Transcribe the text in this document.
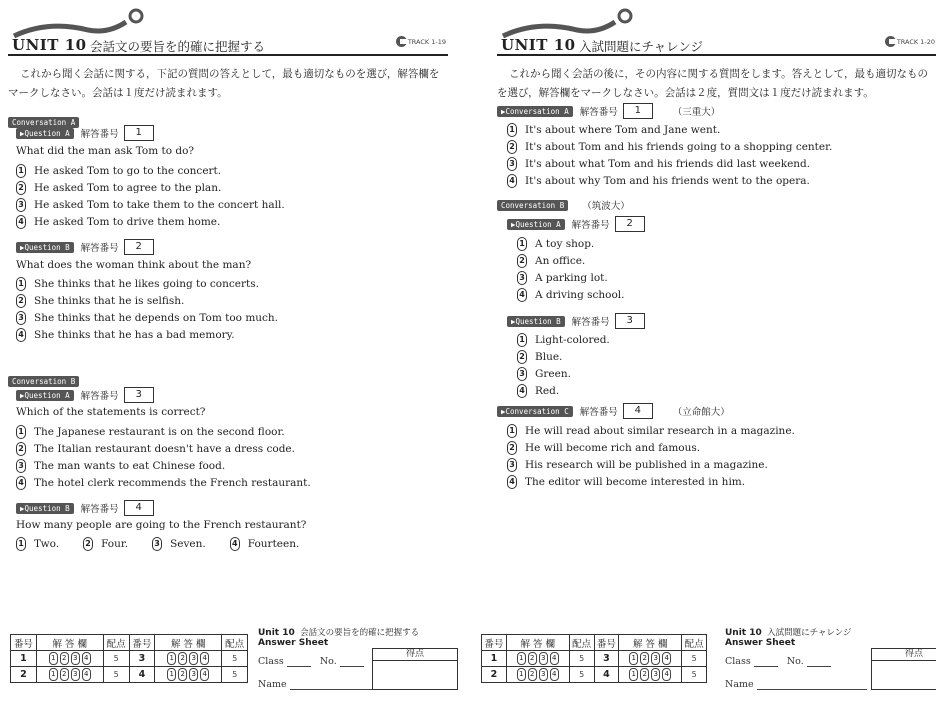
UNIT 10 会話文の要旨を的確に把握する	TRACK 1-19
これから聞く会話に関する，下記の質問の答えとして，最も適切なものを選び，解答欄をマークしなさい。会話は１度だけ読まれます。
Conversation A
▶Question A	解答番号	1
What did the man ask Tom to do?
1 He asked Tom to go to the concert.
2 He asked Tom to agree to the plan.
3 He asked Tom to take them to the concert hall.
4 He asked Tom to drive them home.
▶Question B	解答番号	2
What does the woman think about the man?
1 She thinks that he likes going to concerts.
2 She thinks that he is selfish.
3 She thinks that he depends on Tom too much.
4 She thinks that he has a bad memory.
Conversation B
▶Question A	解答番号	3
Which of the statements is correct?
1 The Japanese restaurant is on the second floor.
2 The Italian restaurant doesn't have a dress code.
3 The man wants to eat Chinese food.
4 The hotel clerk recommends the French restaurant.
▶Question B	解答番号	4
How many people are going to the French restaurant?
1 Two.	2 Four.	3 Seven.	4 Fourteen.
番号	解 答 欄	配点	番号	解 答 欄	配点
1	1 2 3 4	5	3	1 2 3 4	5
2	1 2 3 4	5	4	1 2 3 4	5
Unit 10 会話文の要旨を的確に把握する
Answer Sheet
Class	No.
Name
得点
UNIT 10 入試問題にチャレンジ	TRACK 1-20
これから聞く会話の後に，その内容に関する質問をします。答えとして，最も適切なものを選び，解答欄をマークしなさい。会話は２度，質問文は１度だけ読まれます。
▶Conversation A	解答番号	1	（三重大）
1 It's about where Tom and Jane went.
2 It's about Tom and his friends going to a shopping center.
3 It's about what Tom and his friends did last weekend.
4 It's about why Tom and his friends went to the opera.
Conversation B	（筑波大）
▶Question A	解答番号	2
1 A toy shop.
2 An office.
3 A parking lot.
4 A driving school.
▶Question B	解答番号	3
1 Light-colored.
2 Blue.
3 Green.
4 Red.
▶Conversation C	解答番号	4	（立命館大）
1 He will read about similar research in a magazine.
2 He will become rich and famous.
3 His research will be published in a magazine.
4 The editor will become interested in him.
番号	解 答 欄	配点	番号	解 答 欄	配点
1	1 2 3 4	5	3	1 2 3 4	5
2	1 2 3 4	5	4	1 2 3 4	5
Unit 10 入試問題にチャレンジ
Answer Sheet
Class	No.
Name
得点
